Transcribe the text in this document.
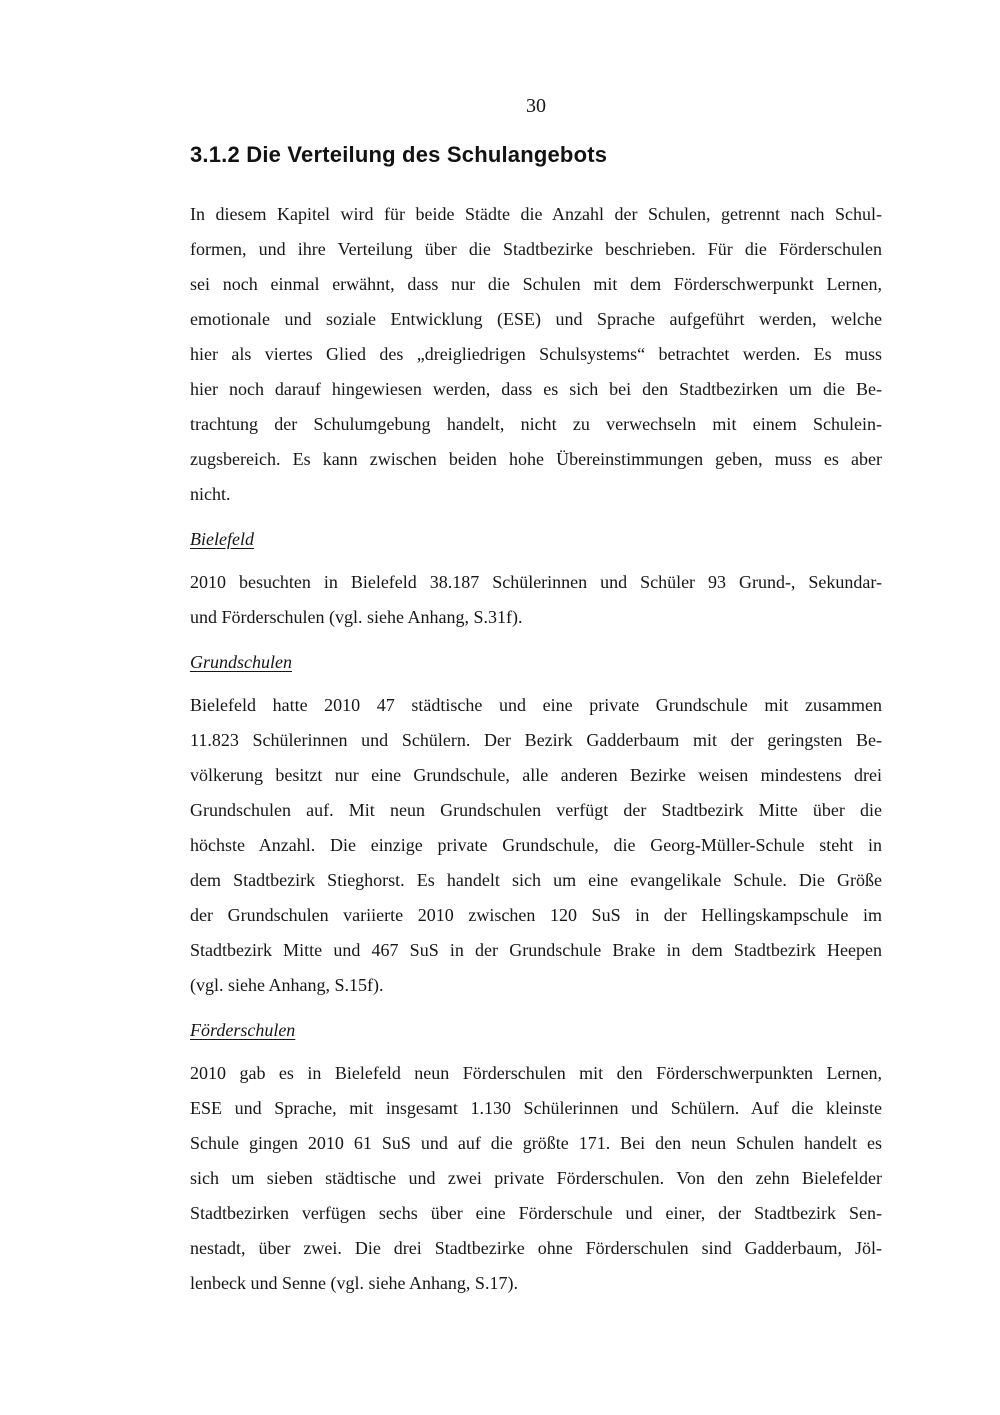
30
3.1.2 Die Verteilung des Schulangebots
In diesem Kapitel wird für beide Städte die Anzahl der Schulen, getrennt nach Schul-
formen, und ihre Verteilung über die Stadtbezirke beschrieben. Für die Förderschulen
sei noch einmal erwähnt, dass nur die Schulen mit dem Förderschwerpunkt Lernen,
emotionale und soziale Entwicklung (ESE) und Sprache aufgeführt werden, welche
hier als viertes Glied des „dreigliedrigen Schulsystems“ betrachtet werden. Es muss
hier noch darauf hingewiesen werden, dass es sich bei den Stadtbezirken um die Be-
trachtung der Schulumgebung handelt, nicht zu verwechseln mit einem Schulein-
zugsbereich. Es kann zwischen beiden hohe Übereinstimmungen geben, muss es aber
nicht.
Bielefeld
2010 besuchten in Bielefeld 38.187 Schülerinnen und Schüler 93 Grund-, Sekundar-
und Förderschulen (vgl. siehe Anhang, S.31f).
Grundschulen
Bielefeld hatte 2010 47 städtische und eine private Grundschule mit zusammen
11.823 Schülerinnen und Schülern. Der Bezirk Gadderbaum mit der geringsten Be-
völkerung besitzt nur eine Grundschule, alle anderen Bezirke weisen mindestens drei
Grundschulen auf. Mit neun Grundschulen verfügt der Stadtbezirk Mitte über die
höchste Anzahl. Die einzige private Grundschule, die Georg-Müller-Schule steht in
dem Stadtbezirk Stieghorst. Es handelt sich um eine evangelikale Schule. Die Größe
der Grundschulen variierte 2010 zwischen 120 SuS in der Hellingskampschule im
Stadtbezirk Mitte und 467 SuS in der Grundschule Brake in dem Stadtbezirk Heepen
(vgl. siehe Anhang, S.15f).
Förderschulen
2010 gab es in Bielefeld neun Förderschulen mit den Förderschwerpunkten Lernen,
ESE und Sprache, mit insgesamt 1.130 Schülerinnen und Schülern. Auf die kleinste
Schule gingen 2010 61 SuS und auf die größte 171. Bei den neun Schulen handelt es
sich um sieben städtische und zwei private Förderschulen. Von den zehn Bielefelder
Stadtbezirken verfügen sechs über eine Förderschule und einer, der Stadtbezirk Sen-
nestadt, über zwei. Die drei Stadtbezirke ohne Förderschulen sind Gadderbaum, Jöl-
lenbeck und Senne (vgl. siehe Anhang, S.17).
